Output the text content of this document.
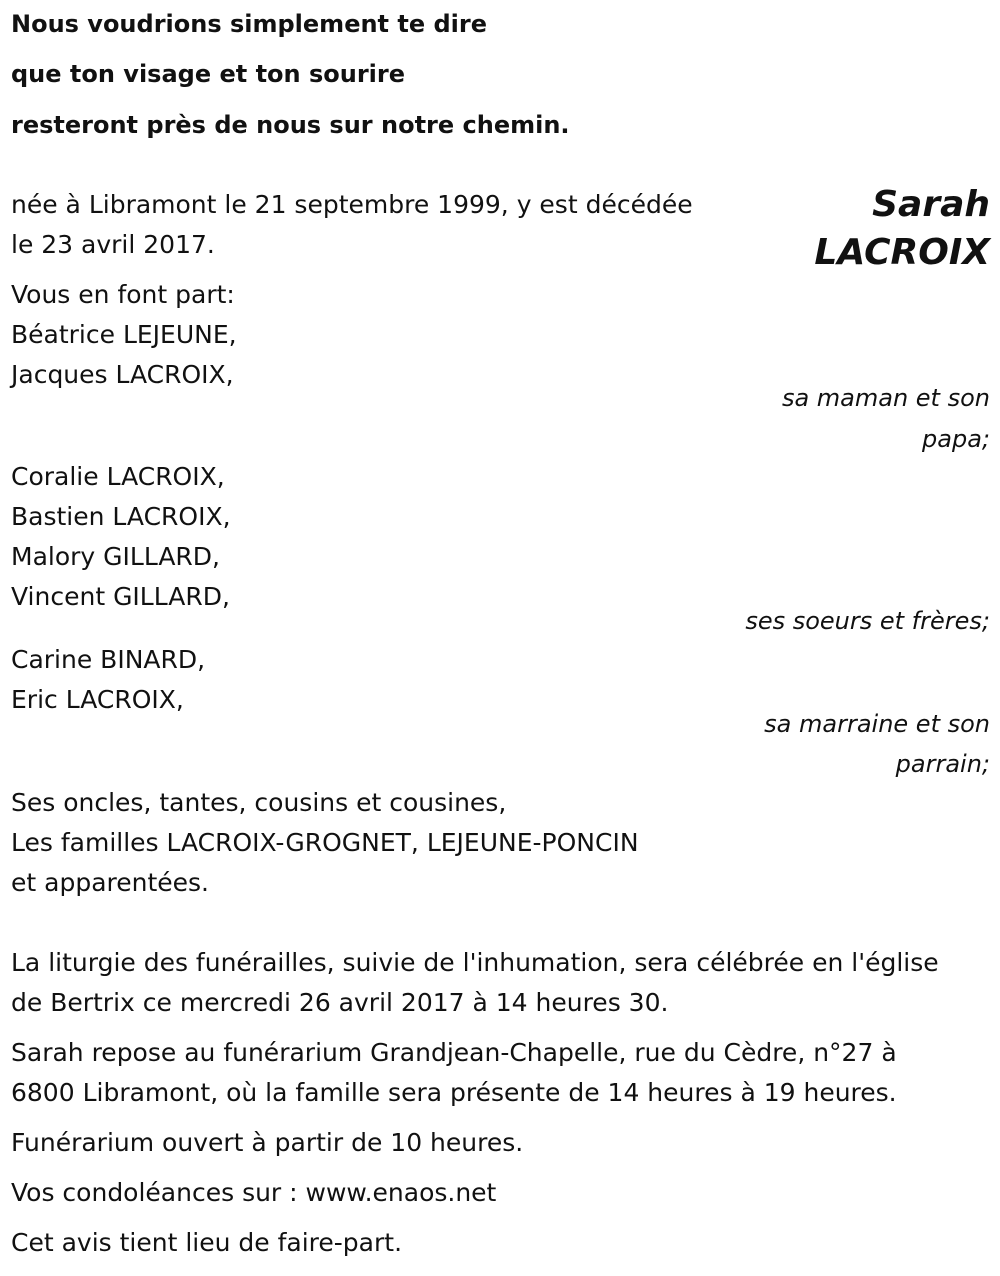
Nous voudrions simplement te dire

que ton visage et ton sourire

resteront près de nous sur notre chemin.

Sarah

LACROIX

née à Libramont le 21 septembre 1999, y est décédée

le 23 avril 2017.

Vous en font part:

Béatrice LEJEUNE,

Jacques LACROIX,

sa maman et son

papa;

Coralie LACROIX,

Bastien LACROIX,

Malory GILLARD,

Vincent GILLARD,

ses soeurs et frères;

Carine BINARD,

Eric LACROIX,

sa marraine et son

parrain;

Ses oncles, tantes, cousins et cousines,

Les familles LACROIX-GROGNET, LEJEUNE-PONCIN

et apparentées.

La liturgie des funérailles, suivie de l'inhumation, sera célébrée en l'église

de Bertrix ce mercredi 26 avril 2017 à 14 heures 30.

Sarah repose au funérarium Grandjean-Chapelle, rue du Cèdre, n°27 à

6800 Libramont, où la famille sera présente de 14 heures à 19 heures.

Funérarium ouvert à partir de 10 heures.

Vos condoléances sur : www.enaos.net

Cet avis tient lieu de faire-part.
